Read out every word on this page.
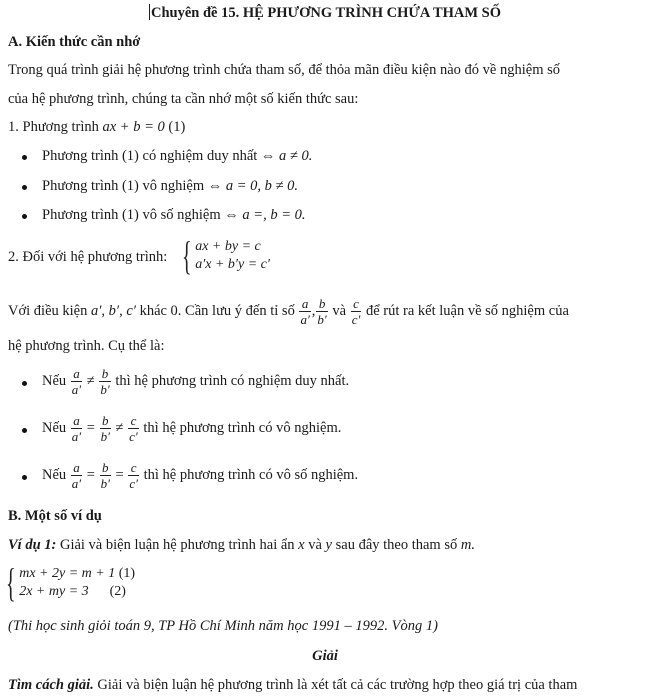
Chuyên đề 15. HỆ PHƯƠNG TRÌNH CHỨA THAM SỐ
A. Kiến thức cần nhớ
Trong quá trình giải hệ phương trình chứa tham số, để thỏa mãn điều kiện nào đó về nghiệm số
của hệ phương trình, chúng ta cần nhớ một số kiến thức sau:
1. Phương trình ax + b = 0 (1)
Phương trình (1) có nghiệm duy nhất ⇔ a ≠ 0.
Phương trình (1) vô nghiệm ⇔ a = 0, b ≠ 0.
Phương trình (1) vô số nghiệm ⇔ a =, b = 0.
2. Đối với hệ phương trình: { ax + by = c
a′x + b′y = c′
Với điều kiện a′, b′, c′ khác 0. Cần lưu ý đến tỉ số $\frac{a}{a'}$ , $\frac{b}{b'}$ và $\frac{c}{c'}$ để rút ra kết luận về số nghiệm của
hệ phương trình. Cụ thể là:
Nếu $\frac{a}{a'} \ne \frac{b}{b'}$ thì hệ phương trình có nghiệm duy nhất.
Nếu $\frac{a}{a'} = \frac{b}{b'} \ne \frac{c}{c'}$ thì hệ phương trình có vô nghiệm.
Nếu $\frac{a}{a'} = \frac{b}{b'} = \frac{c}{c'}$ thì hệ phương trình có vô số nghiệm.
B. Một số ví dụ
Ví dụ 1: Giải và biện luận hệ phương trình hai ẩn x và y sau đây theo tham số m.
{ mx + 2y = m + 1 (1)
2x + my = 3 (2)
(Thi học sinh giỏi toán 9, TP Hồ Chí Minh năm học 1991 – 1992. Vòng 1)
Giải
Tìm cách giải. Giải và biện luận hệ phương trình là xét tất cả các trường hợp theo giá trị của tham
